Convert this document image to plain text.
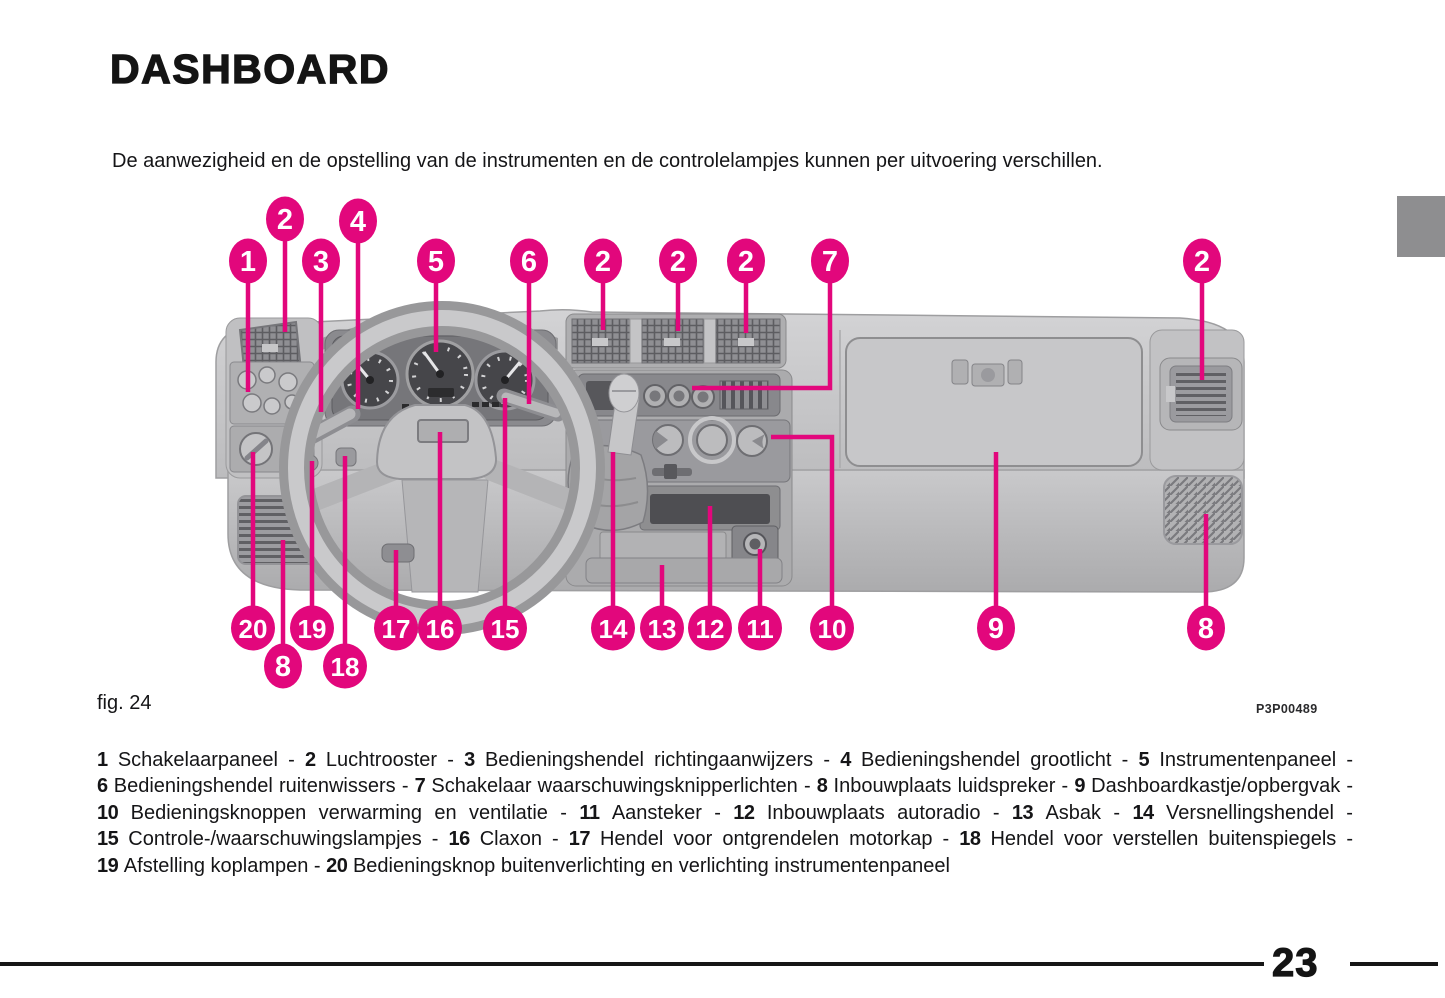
DASHBOARD
De aanwezigheid en de opstelling van de instrumenten en de controlelampjes kunnen per uitvoering verschillen.
1
2
3
4
5	6 2 2 2 7	2
20
8
19
18
17 16 15	14 13 12 11 10	9	8
fig. 24	P3P00489

1 Schakelaarpaneel - 2 Luchtrooster - 3 Bedieningshendel richtingaanwijzers - 4 Bedieningshendel grootlicht - 5 Instrumentenpaneel - 6 Bedieningshendel ruitenwissers - 7 Schakelaar waarschuwingsknipperlichten - 8 Inbouwplaats luidspreker - 9 Dashboardkastje/opbergvak - 10 Bedieningsknoppen verwarming en ventilatie - 11 Aansteker - 12 Inbouwplaats autoradio - 13 Asbak - 14 Versnellingshendel - 15 Controle-/waarschuwingslampjes - 16 Claxon - 17 Hendel voor ontgrendelen motorkap - 18 Hendel voor verstellen buitenspiegels - 19 Afstelling koplampen - 20 Bedieningsknop buitenverlichting en verlichting instrumentenpaneel

23
